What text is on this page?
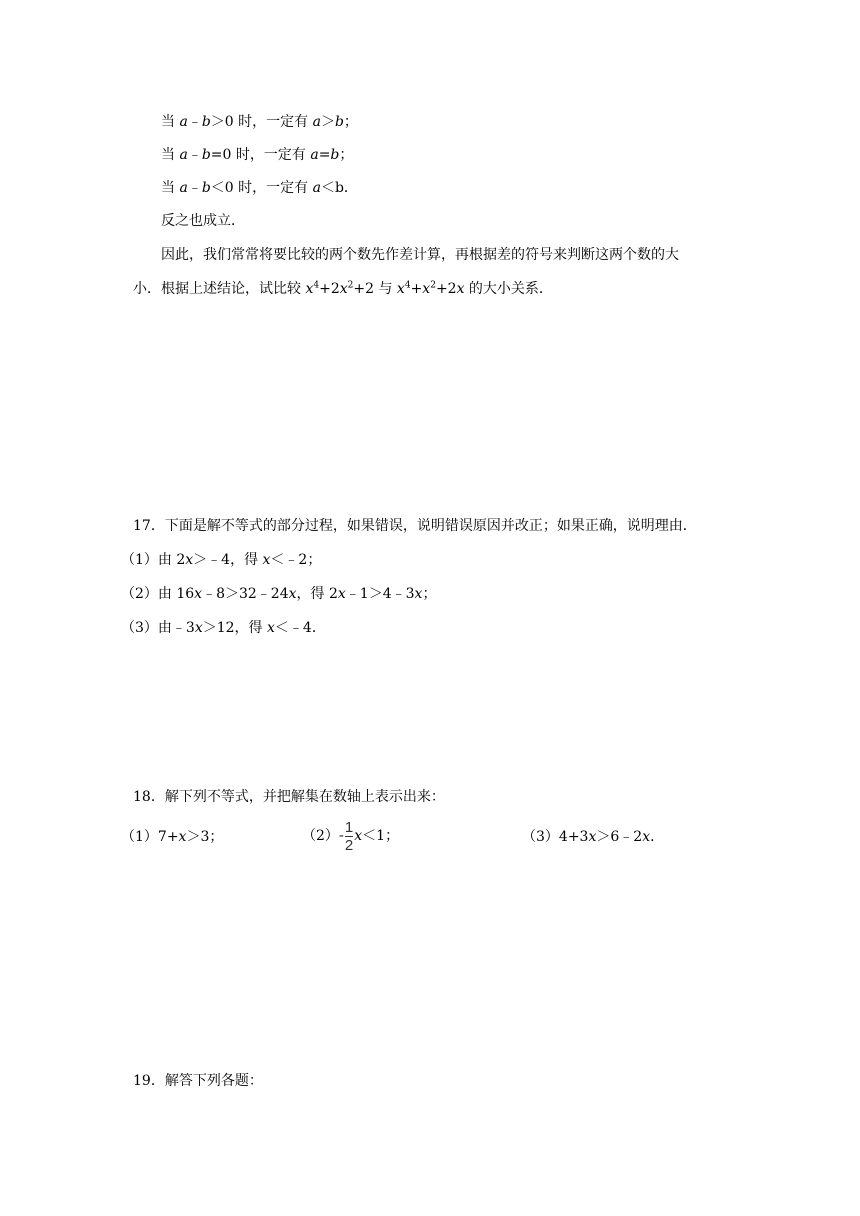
当 a﹣b＞0 时，一定有 a＞b；
当 a﹣b=0 时，一定有 a=b；
当 a﹣b＜0 时，一定有 a＜b．
反之也成立．
因此，我们常常将要比较的两个数先作差计算，再根据差的符号来判断这两个数的大
小．根据上述结论，试比较 $x^4+2x^2+2$ 与 $x^4+x^2+2x$ 的大小关系．
17．下面是解不等式的部分过程，如果错误，说明错误原因并改正；如果正确，说明理由．
（1）由 2x＞﹣4，得 x＜﹣2；
（2）由 16x﹣8＞32﹣24x，得 2x﹣1＞4﹣3x；
（3）由﹣3x＞12，得 x＜﹣4．
18．解下列不等式，并把解集在数轴上表示出来：
（1）7+x＞3；	$(2)- \frac{1}{2} x<1$；	（3）4+3x＞6﹣2x．
19．解答下列各题：
